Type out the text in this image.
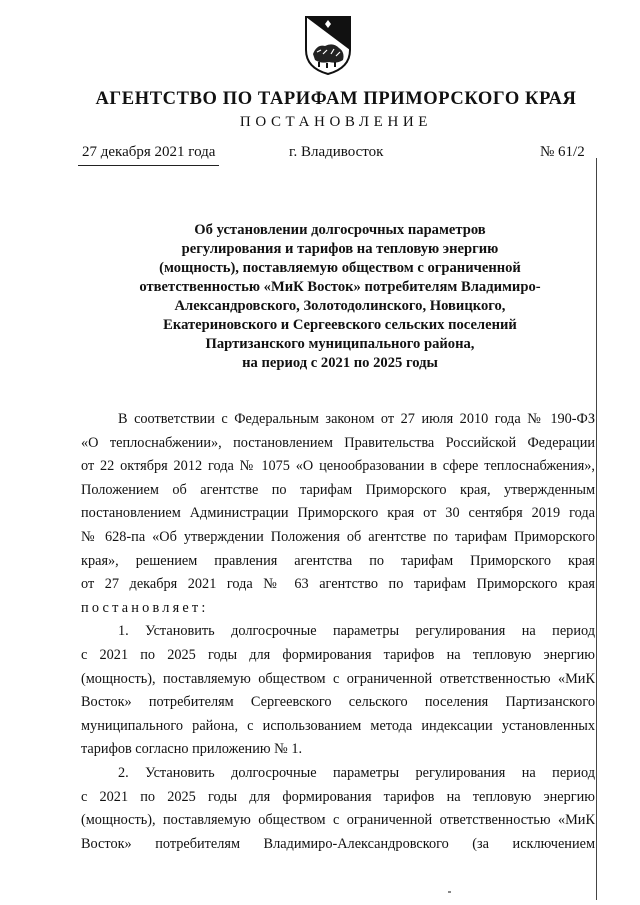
АГЕНТСТВО ПО ТАРИФАМ ПРИМОРСКОГО КРАЯ
ПОСТАНОВЛЕНИЕ
27 декабря 2021 года	г. Владивосток	№ 61/2
Об установлении долгосрочных параметров
регулирования и тарифов на тепловую энергию
(мощность), поставляемую обществом с ограниченной
ответственностью «МиК Восток» потребителям Владимиро-
Александровского, Золотодолинского, Новицкого,
Екатериновского и Сергеевского сельских поселений
Партизанского муниципального района,
на период с 2021 по 2025 годы
В соответствии с Федеральным законом от 27 июля 2010 года № 190-ФЗ
«О теплоснабжении», постановлением Правительства Российской Федерации
от 22 октября 2012 года № 1075 «О ценообразовании в сфере теплоснабжения»,
Положением об агентстве по тарифам Приморского края, утвержденным
постановлением Администрации Приморского края от 30 сентября 2019 года
№ 628-па «Об утверждении Положения об агентстве по тарифам Приморского
края», решением правления агентства по тарифам Приморского края
от 27 декабря 2021 года № 63 агентство по тарифам Приморского края
постановляет:
1. Установить долгосрочные параметры регулирования на период
с 2021 по 2025 годы для формирования тарифов на тепловую энергию
(мощность), поставляемую обществом с ограниченной ответственностью «МиК
Восток» потребителям Сергеевского сельского поселения Партизанского
муниципального района, с использованием метода индексации установленных
тарифов согласно приложению № 1.
2. Установить долгосрочные параметры регулирования на период
с 2021 по 2025 годы для формирования тарифов на тепловую энергию
(мощность), поставляемую обществом с ограниченной ответственностью «МиК
Восток» потребителям Владимиро-Александровского (за исключением
